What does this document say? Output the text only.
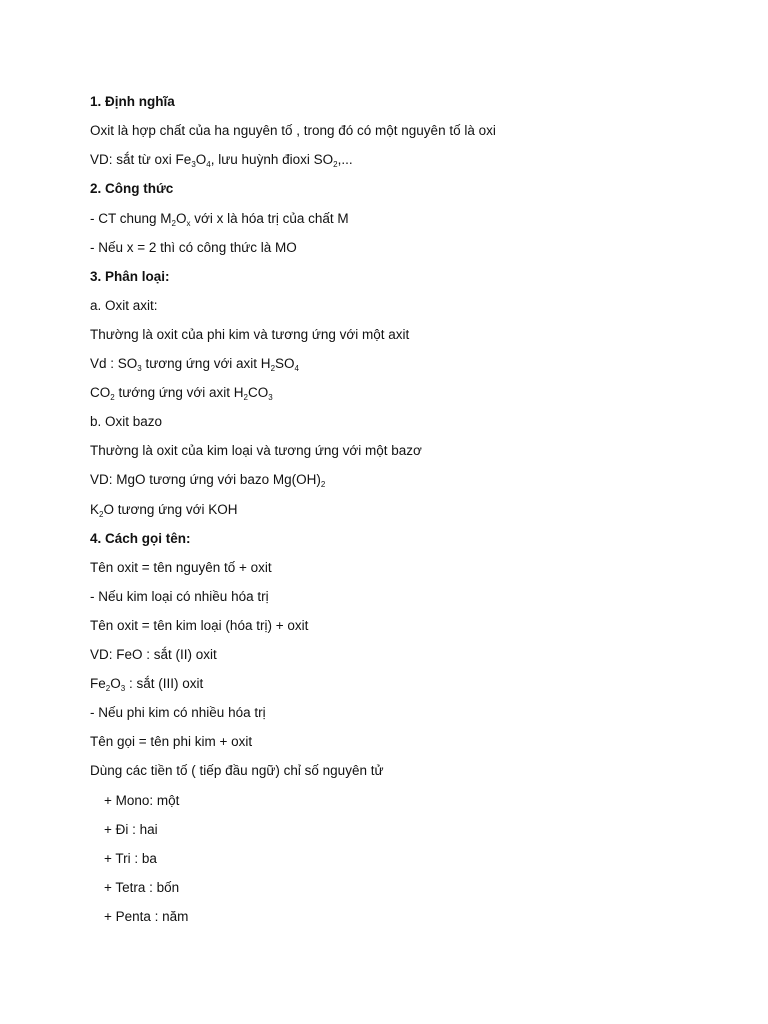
1. Định nghĩa
Oxit là hợp chất của ha nguyên tố , trong đó có một nguyên tố là oxi
VD: sắt từ oxi $Fe_3O_4$, lưu huỳnh đioxi $SO_2$,...
2. Công thức
- CT chung $M_2O_x$ với x là hóa trị của chất M
- Nếu x = 2 thì có công thức là MO
3. Phân loại:
a. Oxit axit:
Thường là oxit của phi kim và tương ứng với một axit
Vd : $SO_3$ tương ứng với axit $H_2SO_4$
$CO_2$ tướng ứng với axit $H_2CO_3$
b. Oxit bazo
Thường là oxit của kim loại và tương ứng với một bazơ
VD: MgO tương ứng với bazo $Mg(OH)_2$
$K_2O$ tương ứng với KOH
4. Cách gọi tên:
Tên oxit = tên nguyên tố + oxit
- Nếu kim loại có nhiều hóa trị
Tên oxit = tên kim loại (hóa trị) + oxit
VD: FeO : sắt (II) oxit
$Fe_2O_3$ : sắt (III) oxit
- Nếu phi kim có nhiều hóa trị
Tên gọi = tên phi kim + oxit
Dùng các tiền tố ( tiếp đầu ngữ) chỉ số nguyên tử
+ Mono: một
+ Đi : hai
+ Tri : ba
+ Tetra : bốn
+ Penta : năm
